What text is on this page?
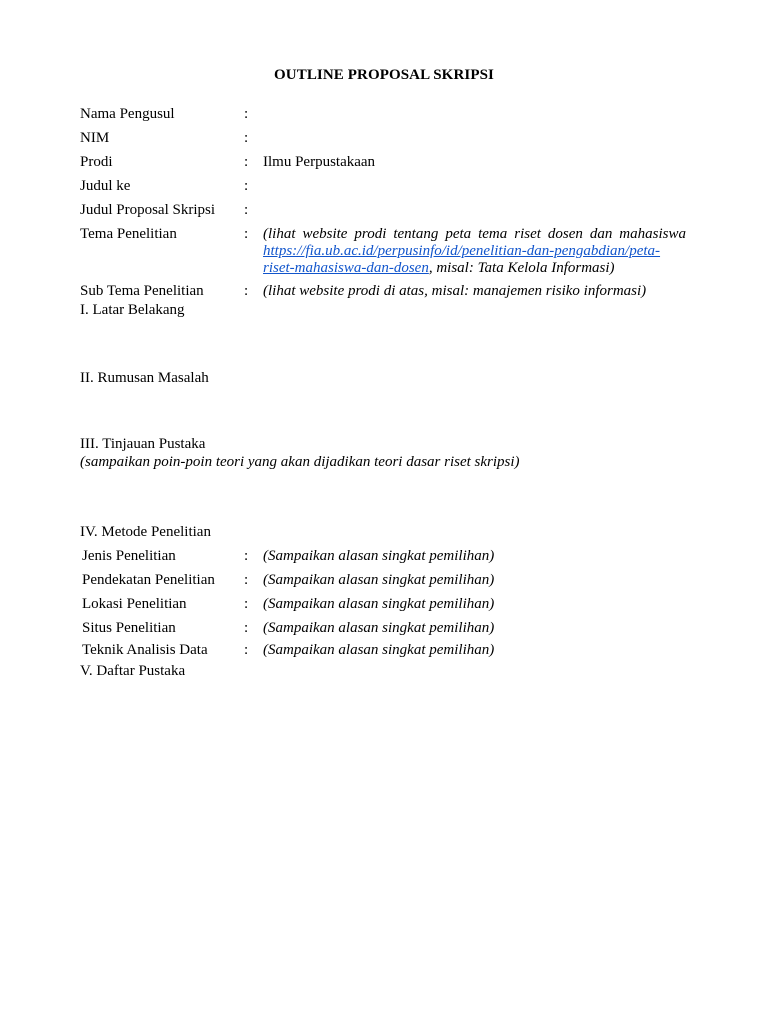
OUTLINE PROPOSAL SKRIPSI
Nama Pengusul	:
NIM	:
Prodi	: Ilmu Perpustakaan
Judul ke	:
Judul Proposal Skripsi :
Tema Penelitian	: (lihat website prodi tentang peta tema riset dosen dan mahasiswa https://fia.ub.ac.id/perpusinfo/id/penelitian-dan-pengabdian/peta-riset-mahasiswa-dan-dosen, misal: Tata Kelola Informasi)
Sub Tema Penelitian	: (lihat website prodi di atas, misal: manajemen risiko informasi)
I. Latar Belakang
II. Rumusan Masalah
III. Tinjauan Pustaka
(sampaikan poin-poin teori yang akan dijadikan teori dasar riset skripsi)
IV. Metode Penelitian
Jenis Penelitian	: (Sampaikan alasan singkat pemilihan)
Pendekatan Penelitian : (Sampaikan alasan singkat pemilihan)
Lokasi Penelitian	: (Sampaikan alasan singkat pemilihan)
Situs Penelitian	: (Sampaikan alasan singkat pemilihan)
Teknik Analisis Data : (Sampaikan alasan singkat pemilihan)
V. Daftar Pustaka
